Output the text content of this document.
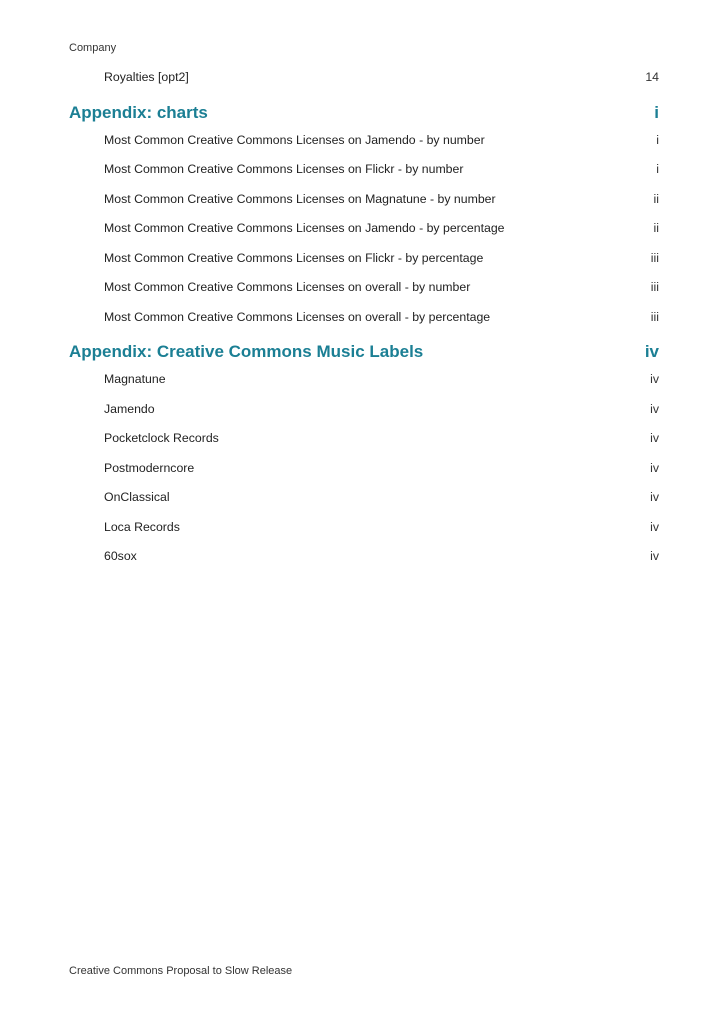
Company
Royalties [opt2]	14
Appendix: charts	i
Most Common Creative Commons Licenses on Jamendo - by number	i
Most Common Creative Commons Licenses on Flickr - by number	i
Most Common Creative Commons Licenses on Magnatune - by number	ii
Most Common Creative Commons Licenses on Jamendo - by percentage	ii
Most Common Creative Commons Licenses on Flickr - by percentage	iii
Most Common Creative Commons Licenses on overall - by number	iii
Most Common Creative Commons Licenses on overall - by percentage	iii
Appendix: Creative Commons Music Labels	iv
Magnatune	iv
Jamendo	iv
Pocketclock Records	iv
Postmoderncore	iv
OnClassical	iv
Loca Records	iv
60sox	iv
Creative Commons Proposal to Slow Release
